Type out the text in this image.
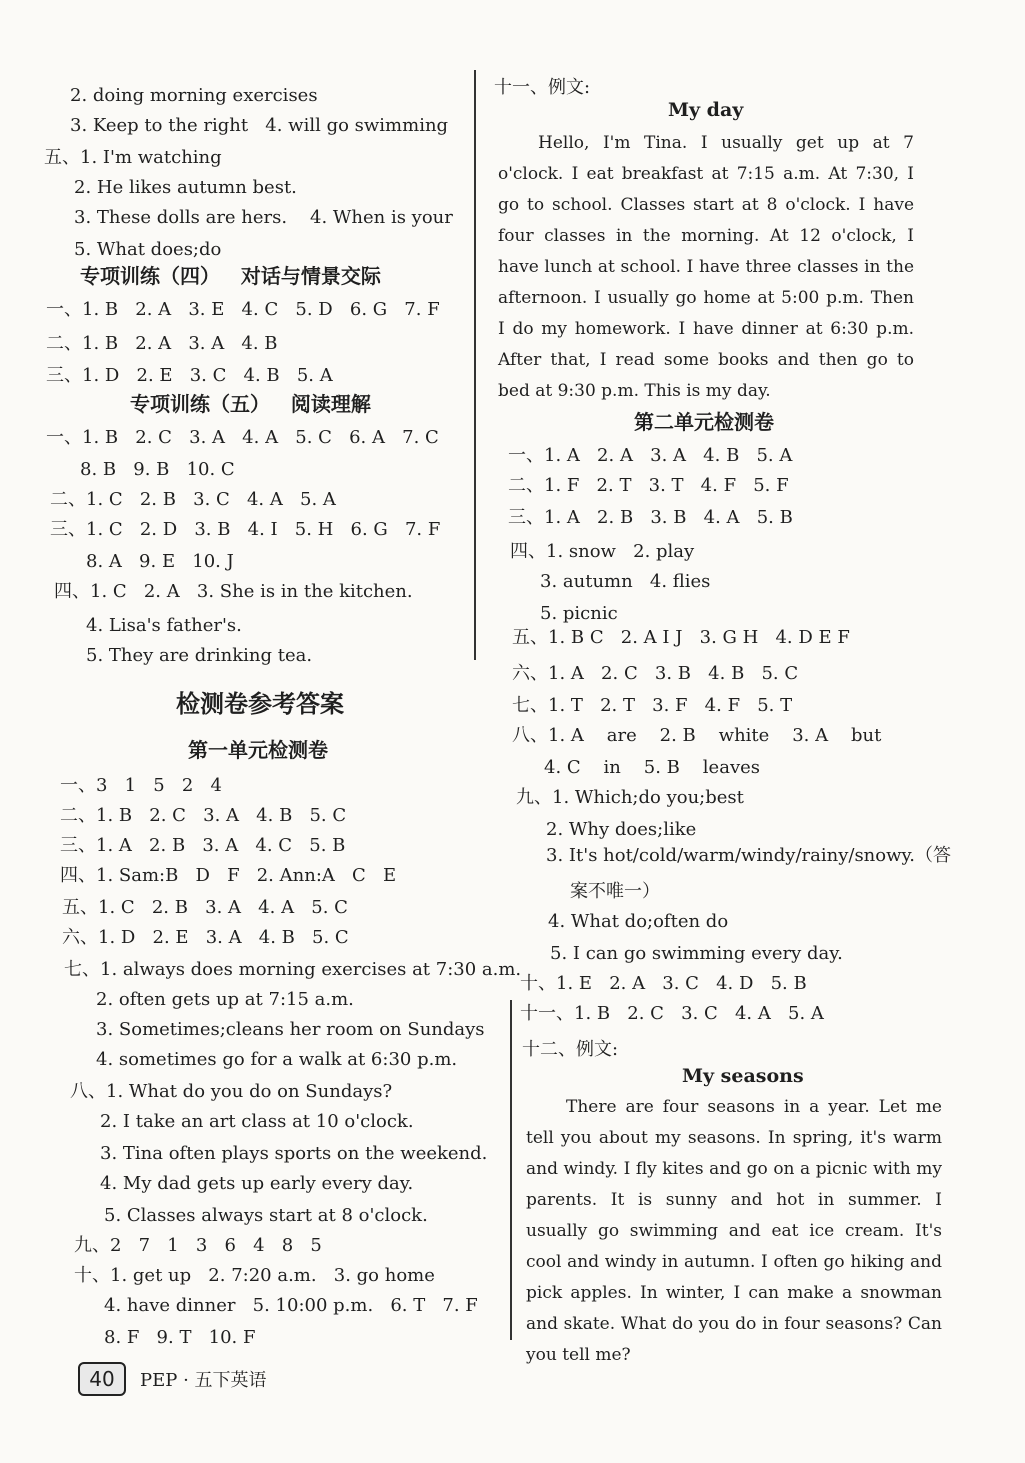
2. doing morning exercises
3. Keep to the right   4. will go swimming
五、1. I'm watching
2. He likes autumn best.
3. These dolls are hers.    4. When is your
5. What does;do
一、1. B   2. A   3. E   4. C   5. D   6. G   7. F
二、1. B   2. A   3. A   4. B
三、1. D   2. E   3. C   4. B   5. A
一、1. B   2. C   3. A   4. A   5. C   6. A   7. C
8. B   9. B   10. C
二、1. C   2. B   3. C   4. A   5. A
三、1. C   2. D   3. B   4. I   5. H   6. G   7. F
8. A   9. E   10. J
四、1. C   2. A   3. She is in the kitchen.
4. Lisa's father's.
5. They are drinking tea.
一、3   1   5   2   4
二、1. B   2. C   3. A   4. B   5. C
三、1. A   2. B   3. A   4. C   5. B
四、1. Sam:B   D   F   2. Ann:A   C   E
五、1. C   2. B   3. A   4. A   5. C
六、1. D   2. E   3. A   4. B   5. C
七、1. always does morning exercises at 7:30 a.m.
2. often gets up at 7:15 a.m.
3. Sometimes;cleans her room on Sundays
4. sometimes go for a walk at 6:30 p.m.
八、1. What do you do on Sundays?
2. I take an art class at 10 o'clock.
3. Tina often plays sports on the weekend.
4. My dad gets up early every day.
5. Classes always start at 8 o'clock.
九、2   7   1   3   6   4   8   5
十、1. get up   2. 7:20 a.m.   3. go home
4. have dinner   5. 10:00 p.m.   6. T   7. F
8. F   9. T   10. F
专项训练（四）   对话与情景交际
专项训练（五）   阅读理解
检测卷参考答案
第一单元检测卷
十一、例文:
一、1. A   2. A   3. A   4. B   5. A
二、1. F   2. T   3. T   4. F   5. F
三、1. A   2. B   3. B   4. A   5. B
四、1. snow   2. play
3. autumn   4. flies
5. picnic
五、1. B C   2. A I J   3. G H   4. D E F
六、1. A   2. C   3. B   4. B   5. C
七、1. T   2. T   3. F   4. F   5. T
八、1. A    are    2. B    white    3. A    but
4. C    in    5. B    leaves
九、1. Which;do you;best
2. Why does;like
3. It's hot/cold/warm/windy/rainy/snowy.（答
案不唯一）
4. What do;often do
5. I can go swimming every day.
十、1. E   2. A   3. C   4. D   5. B
十一、1. B   2. C   3. C   4. A   5. A
十二、例文:
My day
第二单元检测卷
My seasons
Hello, I'm Tina. I usually get up at 7 o'clock. I eat breakfast at 7:15 a.m. At 7:30, I go to school. Classes start at 8 o'clock. I have four classes in the morning. At 12 o'clock, I have lunch at school. I have three classes in the afternoon. I usually go home at 5:00 p.m. Then I do my homework. I have dinner at 6:30 p.m. After that, I read some books and then go to bed at 9:30 p.m. This is my day.
There are four seasons in a year. Let me tell you about my seasons. In spring, it's warm and windy. I fly kites and go on a picnic with my parents. It is sunny and hot in summer. I usually go swimming and eat ice cream. It's cool and windy in autumn. I often go hiking and pick apples. In winter, I can make a snowman and skate. What do you do in four seasons? Can you tell me?
40	PEP · 五下英语
